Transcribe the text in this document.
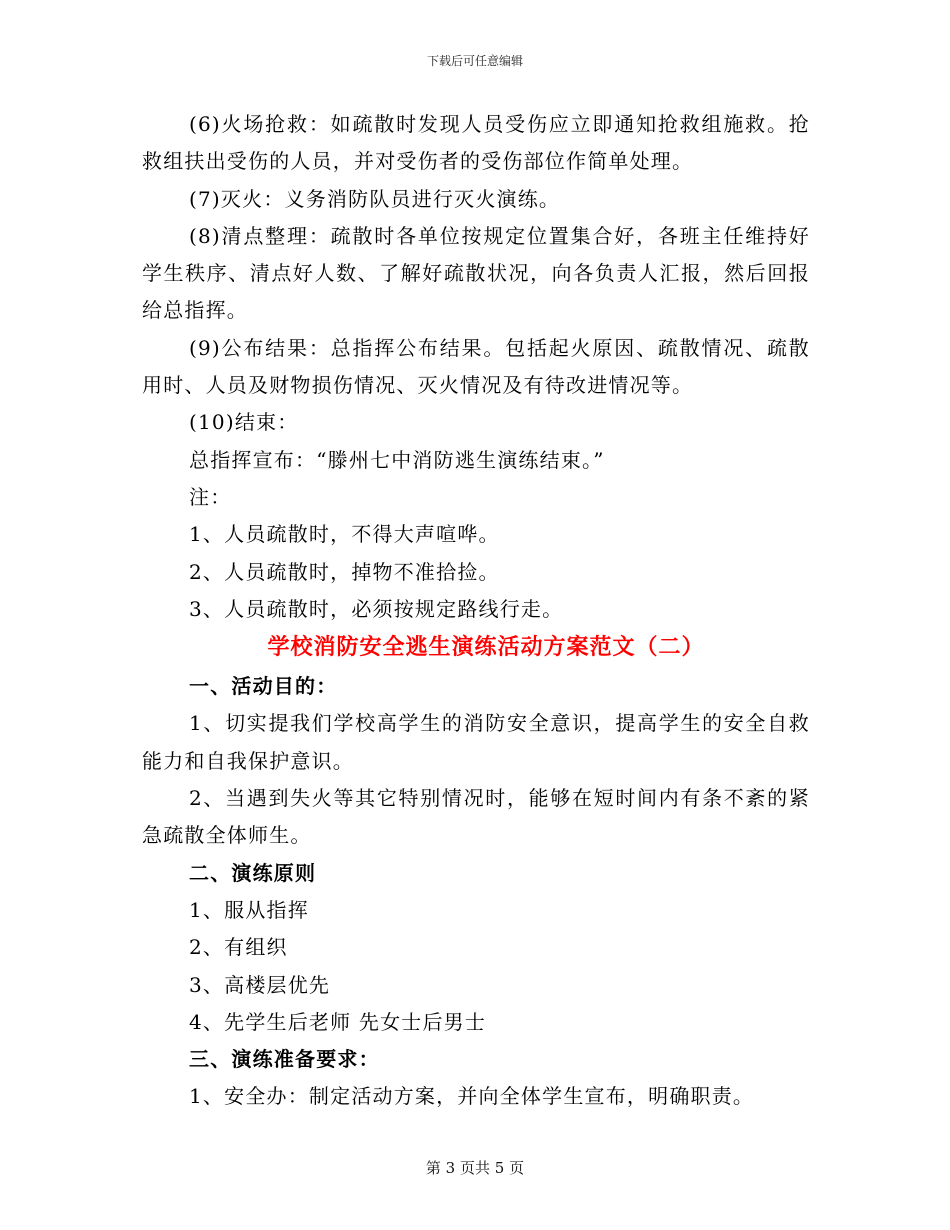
下载后可任意编辑

(6)火场抢救：如疏散时发现人员受伤应立即通知抢救组施救。抢救组扶出受伤的人员，并对受伤者的受伤部位作简单处理。

(7)灭火：义务消防队员进行灭火演练。

(8)清点整理：疏散时各单位按规定位置集合好，各班主任维持好学生秩序、清点好人数、了解好疏散状况，向各负责人汇报，然后回报给总指挥。

(9)公布结果：总指挥公布结果。包括起火原因、疏散情况、疏散用时、人员及财物损伤情况、灭火情况及有待改进情况等。

(10)结束：

总指挥宣布：“滕州七中消防逃生演练结束。”

注：

1、人员疏散时，不得大声喧哗。

2、人员疏散时，掉物不准拾捡。

3、人员疏散时，必须按规定路线行走。

学校消防安全逃生演练活动方案范文（二）

一、活动目的：

1、切实提我们学校高学生的消防安全意识，提高学生的安全自救能力和自我保护意识。

2、当遇到失火等其它特别情况时，能够在短时间内有条不紊的紧急疏散全体师生。

二、演练原则

1、服从指挥

2、有组织

3、高楼层优先

4、先学生后老师 先女士后男士

三、演练准备要求：

1、安全办：制定活动方案，并向全体学生宣布，明确职责。

第 3 页共 5 页
